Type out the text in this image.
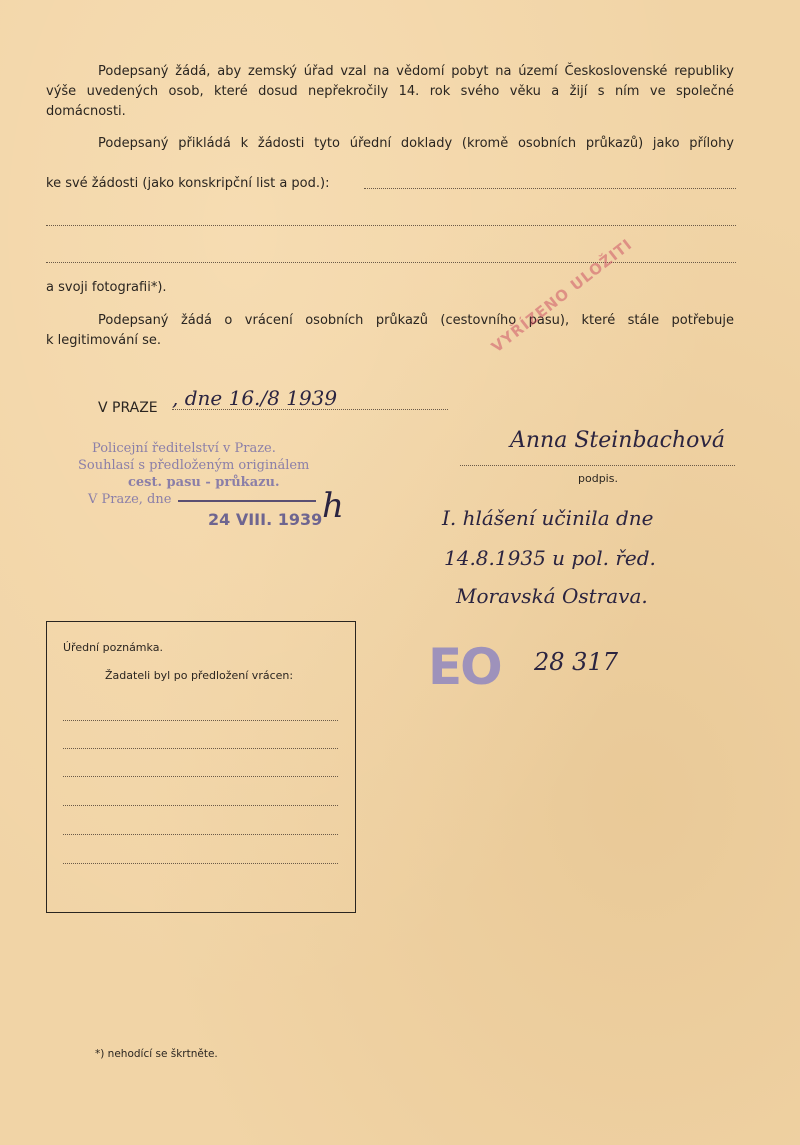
Podepsaný žádá, aby zemský úřad vzal na vědomí pobyt na území Československé republiky

výše uvedených osob, které dosud nepřekročily 14. rok svého věku a žijí s ním ve společné

domácnosti.

Podepsaný přikládá k žádosti tyto úřední doklady (kromě osobních průkazů) jako přílohy

ke své žádosti (jako konskripční list a pod.):

a svoji fotografii*).

Podepsaný žádá o vrácení osobních průkazů (cestovního pasu), které stále potřebuje

k legitimování se.	VYŘÍZENO ULOŽITI

V PRAZE , dne 16./8 1939
Anna Steinbachová

podpis.

Policejní ředitelství v Praze.
Souhlasí s předloženým originálem
cest. pasu - průkazu.
V Praze, dne
24 VIII. 1939 h	I. hlášení učinila dne
14.8.1935 u pol. řed.
Moravská Ostrava.
EO 28 317

Úřední poznámka.

Žadateli byl po předložení vrácen:

*) nehodící se škrtněte.
